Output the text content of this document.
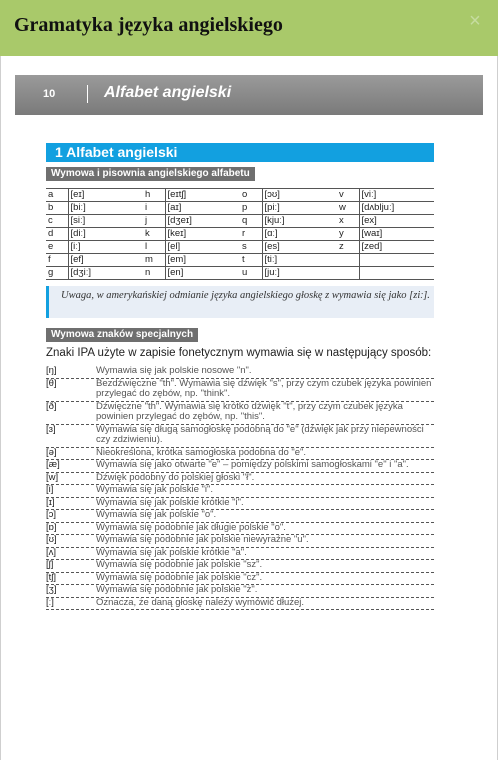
Gramatyka języka angielskiego	×
10	Alfabet angielski
1 Alfabet angielski
Wymowa i pisownia angielskiego alfabetu
a	[eɪ]	h	[eɪtʃ]	o	[ɔʊ]	v	[viː]
b	[biː]	i	[aɪ]	p	[piː]	w	[dʌbljuː]
c	[siː]	j	[dʒeɪ]	q	[kjuː]	x	[ex]
d	[diː]	k	[keɪ]	r	[ɑː]	y	[waɪ]
e	[iː]	l	[el]	s	[es]	z	[zed]
f	[ef]	m	[em]	t	[tiː]		
g	[dʒiː]	n	[en]	u	[juː]		
Uwaga, w amerykańskiej odmianie języka angielskiego głoskę z wymawia się jako [ziː].
Wymowa znaków specjalnych
Znaki IPA użyte w zapisie fonetycznym wymawia się w następujący sposób:
[ŋ]	Wymawia się jak polskie nosowe "n".
[θ]	Bezdźwięczne "th". Wymawia się dźwięk "s", przy czym czubek języka powinien przylegać do zębów, np. "think".
[ð]	Dźwięczne "th". Wymawia się krótko dźwięk "t", przy czym czubek języka powinien przylegać do zębów, np. "this".
[ɜ]	Wymawia się długą samogłoskę podobną do "e" (dźwięk jak przy niepewności czy zdziwieniu).
[ə]	Nieokreślona, krótka samogłoska podobna do "e".
[æ]	Wymawia się jako otwarte "e" – pomiędzy polskimi samogłoskami "e" i "a".
[w]	Dźwięk podobny do polskiej głoski "ł".
[i]	Wymawia się jak polskie "i".
[ɪ]	Wymawia się jak polskie krótkie "i".
[ɔ]	Wymawia się jak polskie "o".
[ɒ]	Wymawia się podobnie jak długie polskie "o".
[ʊ]	Wymawia się podobnie jak polskie niewyraźne "u".
[ʌ]	Wymawia się jak polskie krótkie "a".
[ʃ]	Wymawia się podobnie jak polskie "sz".
[tʃ]	Wymawia się podobnie jak polskie "cz".
[ʒ]	Wymawia się podobnie jak polskie "ż".
[ː]	Oznacza, że daną głoskę należy wymówić dłużej.
